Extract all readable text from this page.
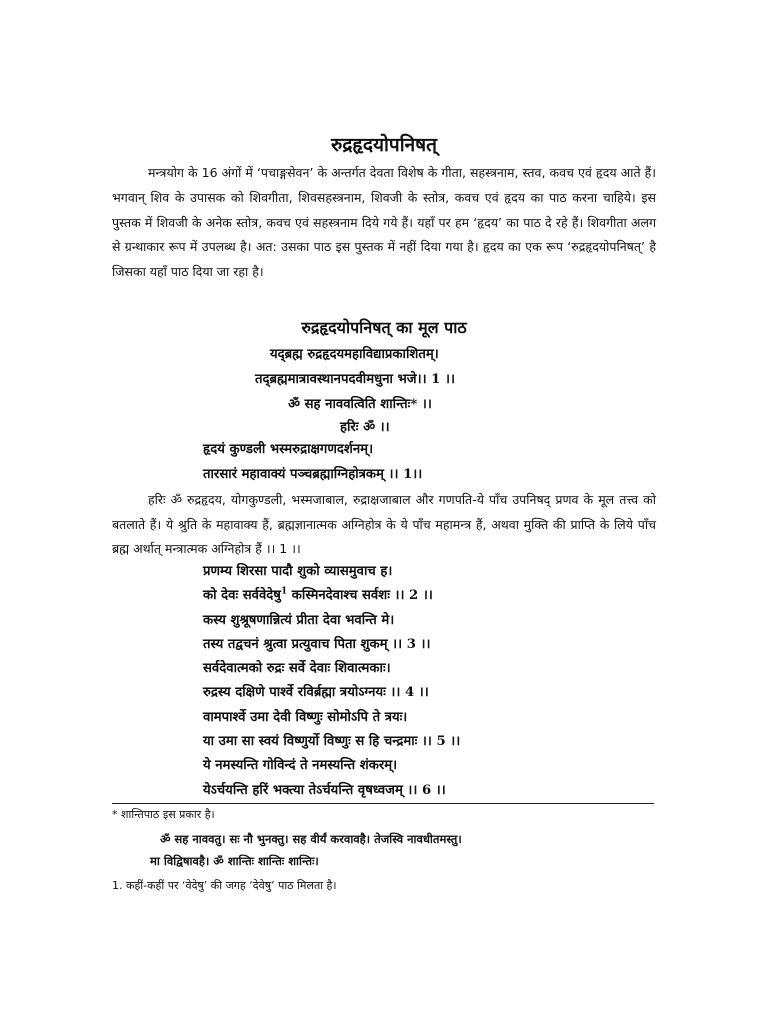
रुद्रहृदयोपनिषत्

मन्त्रयोग के 16 अंगों में ‘पचाङ्गसेवन’ के अन्तर्गत देवता विशेष के गीता, सहस्त्रनाम, स्तव, कवच एवं हृदय आते हैं। भगवान् शिव के उपासक को शिवगीता, शिवसहस्त्रनाम, शिवजी के स्तोत्र, कवच एवं हृदय का पाठ करना चाहिये। इस पुस्तक में शिवजी के अनेक स्तोत्र, कवच एवं सहस्त्रनाम दिये गये हैं। यहाँ पर हम ‘हृदय’ का पाठ दे रहे हैं। शिवगीता अलग से ग्रन्थाकार रूप में उपलब्ध है। अत: उसका पाठ इस पुस्तक में नहीं दिया गया है। हृदय का एक रूप ‘रुद्रहृदयोपनिषत्’ है जिसका यहाँ पाठ दिया जा रहा है।

रुद्रहृदयोपनिषत् का मूल पाठ
यद्ब्रह्म रुद्रहृदयमहाविद्याप्रकाशितम्।
तद्ब्रह्ममात्रावस्थानपदवीमधुना भजे।। 1 ।।
ॐ सह नाववत्विति शान्तिः* ।।
हरिः ॐ ।।
हृदयं कुण्डली भस्मरुद्राक्षगणदर्शनम्।
तारसारं महावाक्यं पञ्चब्रह्माग्निहोत्रकम् ।। 1।।

हरिः ॐ रुद्रहृदय, योगकुण्डली, भस्मजाबाल, रुद्राक्षजाबाल और गणपति-ये पाँच उपनिषद् प्रणव के मूल तत्त्व को बतलाते हैं। ये श्रुति के महावाक्य हैं, ब्रह्मज्ञानात्मक अग्निहोत्र के ये पाँच महामन्त्र हैं, अथवा मुक्ति की प्राप्ति के लिये पाँच ब्रह्म अर्थात् मन्त्रात्मक अग्निहोत्र हैं ।। 1 ।।

प्रणम्य शिरसा पादौ शुको व्यासमुवाच ह।
को देवः सर्ववेदेषु$^1$ कस्मिनदेवाश्च सर्वशः ।। 2 ।।
कस्य शुश्रूषणान्नित्यं प्रीता देवा भवन्ति मे।
तस्य तद्वचनं श्रुत्वा प्रत्युवाच पिता शुकम् ।। 3 ।।
सर्वदेवात्मको रुद्रः सर्वे देवाः शिवात्मकाः।
रुद्रस्य दक्षिणे पार्श्वे रविर्ब्रह्मा त्रयोऽग्नयः ।। 4 ।।
वामपार्श्वे उमा देवी विष्णुः सोमोऽपि ते त्रयः।
या उमा सा स्वयं विष्णुर्यो विष्णुः स हि चन्द्रमाः ।। 5 ।।
ये नमस्यन्ति गोविन्दं ते नमस्यन्ति शंकरम्।
येऽर्चयन्ति हरिं भक्त्या तेऽर्चयन्ति वृषध्वजम् ।। 6 ।।
* शान्तिपाठ इस प्रकार है।
ॐ सह नाववतु। सः नौ भुनक्तु। सह वीर्यं करवावहै। तेजस्वि नावधीतमस्तु।
मा विद्विषावहै। ॐ शान्तिः शान्तिः शान्तिः।
1. कहीं-कहीं पर ‘वेदेषु’ की जगह ‘देवेषु’ पाठ मिलता है।
